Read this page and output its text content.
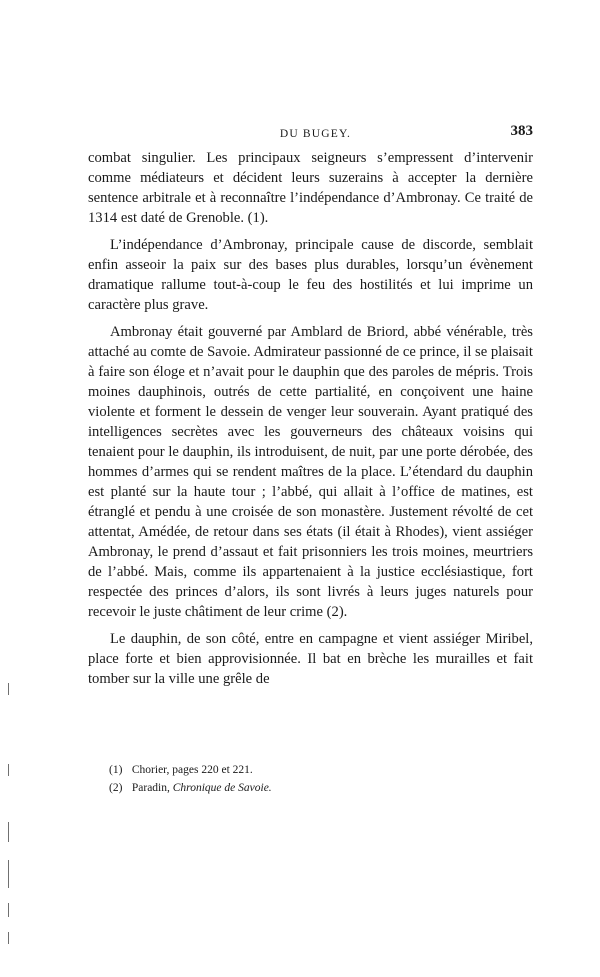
DU BUGEY.	383

combat singulier. Les principaux seigneurs s’empressent d’intervenir comme médiateurs et décident leurs suzerains à accepter la dernière sentence arbitrale et à reconnaître l’indépendance d’Ambronay. Ce traité de 1314 est daté de Grenoble. (1).

L’indépendance d’Ambronay, principale cause de discorde, semblait enfin asseoir la paix sur des bases plus durables, lorsqu’un évènement dramatique rallume tout-à-coup le feu des hostilités et lui imprime un caractère plus grave.

Ambronay était gouverné par Amblard de Briord, abbé vénérable, très attaché au comte de Savoie. Admirateur passionné de ce prince, il se plaisait à faire son éloge et n’avait pour le dauphin que des paroles de mépris. Trois moines dauphinois, outrés de cette partialité, en conçoivent une haine violente et forment le dessein de venger leur souverain. Ayant pratiqué des intelligences secrètes avec les gouverneurs des châteaux voisins qui tenaient pour le dauphin, ils introduisent, de nuit, par une porte dérobée, des hommes d’armes qui se rendent maîtres de la place. L’étendard du dauphin est planté sur la haute tour ; l’abbé, qui allait à l’office de matines, est étranglé et pendu à une croisée de son monastère. Justement révolté de cet attentat, Amédée, de retour dans ses états (il était à Rhodes), vient assiéger Ambronay, le prend d’assaut et fait prisonniers les trois moines, meurtriers de l’abbé. Mais, comme ils appartenaient à la justice ecclésiastique, fort respectée des princes d’alors, ils sont livrés à leurs juges naturels pour recevoir le juste châtiment de leur crime (2).

Le dauphin, de son côté, entre en campagne et vient assiéger Miribel, place forte et bien approvisionnée. Il bat en brèche les murailles et fait tomber sur la ville une grêle de

(1) Chorier, pages 220 et 221.
(2) Paradin, Chronique de Savoie.
